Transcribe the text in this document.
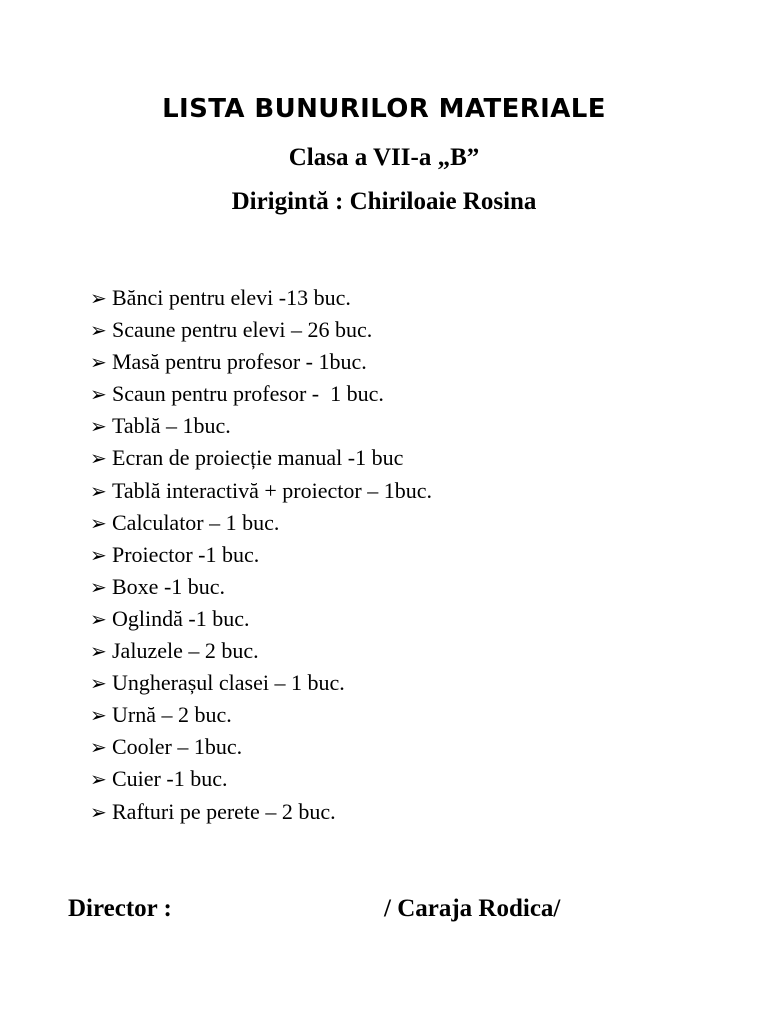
LISTA BUNURILOR MATERIALE
Clasa a VII-a „B”
Dirigintă : Chiriloaie Rosina
➢ Bănci pentru elevi -13 buc.
➢ Scaune pentru elevi – 26 buc.
➢ Masă pentru profesor - 1buc.
➢ Scaun pentru profesor -  1 buc.
➢ Tablă – 1buc.
➢ Ecran de proiecție manual -1 buc
➢ Tablă interactivă + proiector – 1buc.
➢ Calculator – 1 buc.
➢ Proiector -1 buc.
➢ Boxe -1 buc.
➢ Oglindă -1 buc.
➢ Jaluzele – 2 buc.
➢ Ungherașul clasei – 1 buc.
➢ Urnă – 2 buc.
➢ Cooler – 1buc.
➢ Cuier -1 buc.
➢ Rafturi pe perete – 2 buc.
Director :	/ Caraja Rodica/
